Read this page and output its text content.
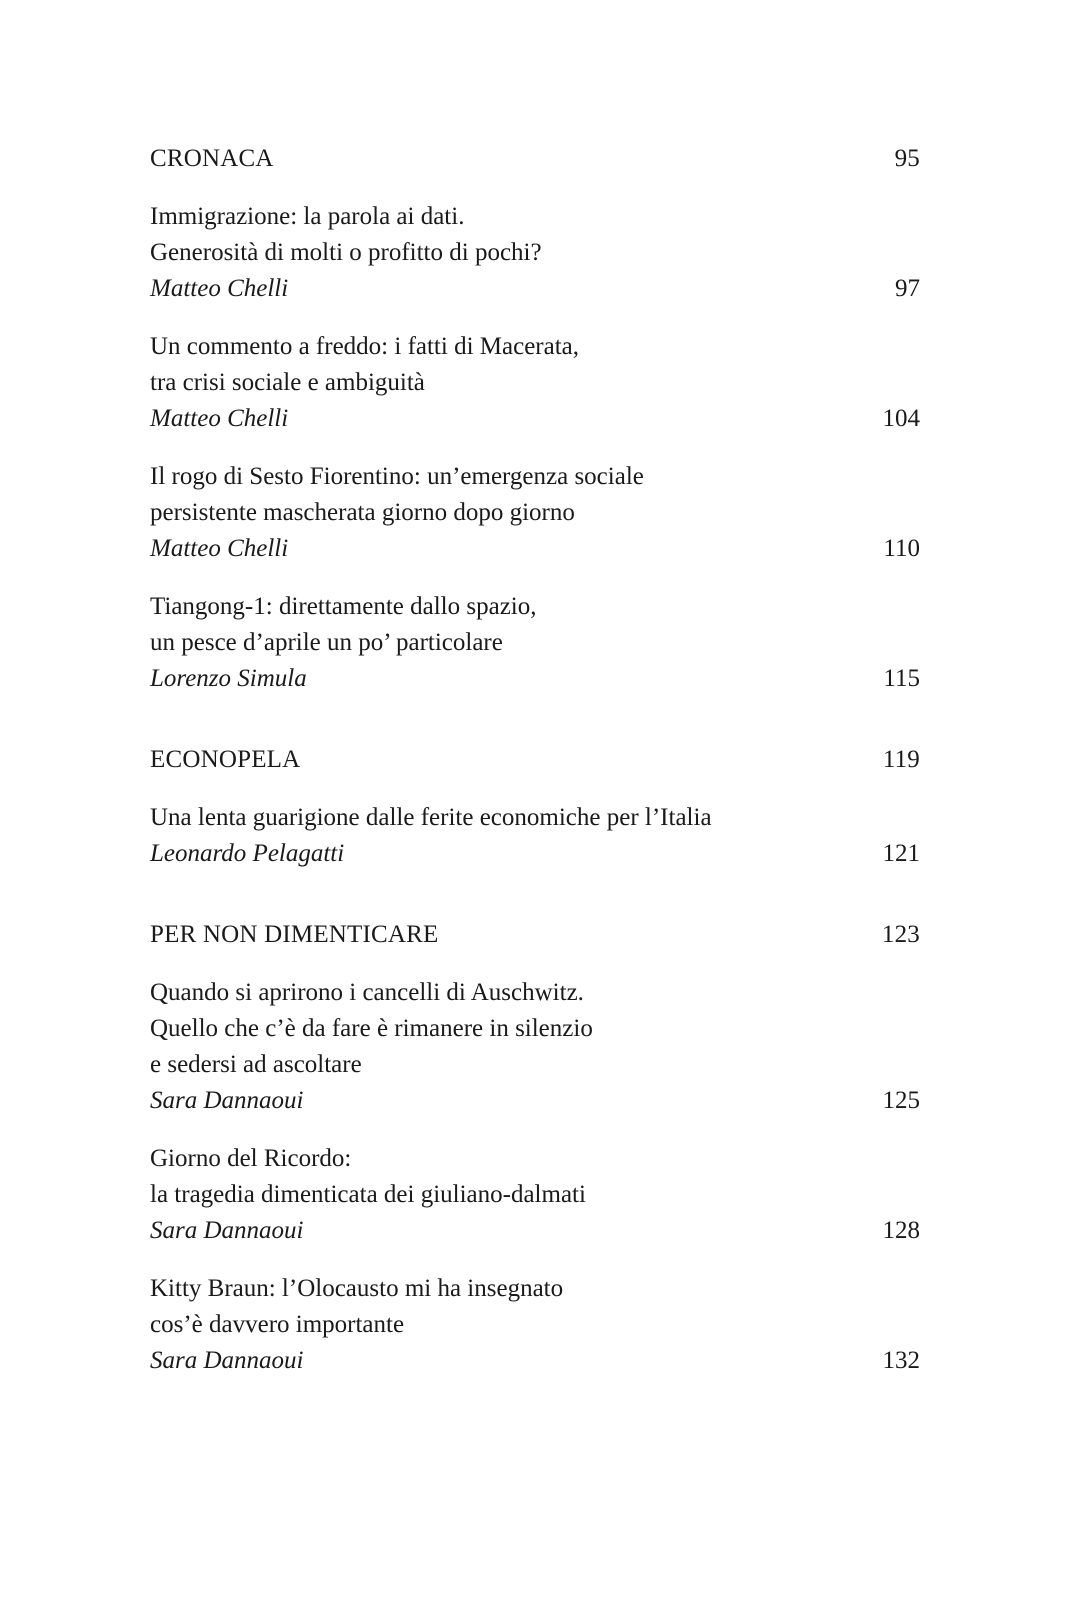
CRONACA	95
Immigrazione: la parola ai dati.
Generosità di molti o profitto di pochi?
Matteo Chelli	97
Un commento a freddo: i fatti di Macerata,
tra crisi sociale e ambiguità
Matteo Chelli	104
Il rogo di Sesto Fiorentino: un’emergenza sociale
persistente mascherata giorno dopo giorno
Matteo Chelli	110
Tiangong-1: direttamente dallo spazio,
un pesce d’aprile un po’ particolare
Lorenzo Simula	115
ECONOPELA	119
Una lenta guarigione dalle ferite economiche per l’Italia
Leonardo Pelagatti	121
PER NON DIMENTICARE	123
Quando si aprirono i cancelli di Auschwitz.
Quello che c’è da fare è rimanere in silenzio
e sedersi ad ascoltare
Sara Dannaoui	125
Giorno del Ricordo:
la tragedia dimenticata dei giuliano-dalmati
Sara Dannaoui	128
Kitty Braun: l’Olocausto mi ha insegnato
cos’è davvero importante
Sara Dannaoui	132
